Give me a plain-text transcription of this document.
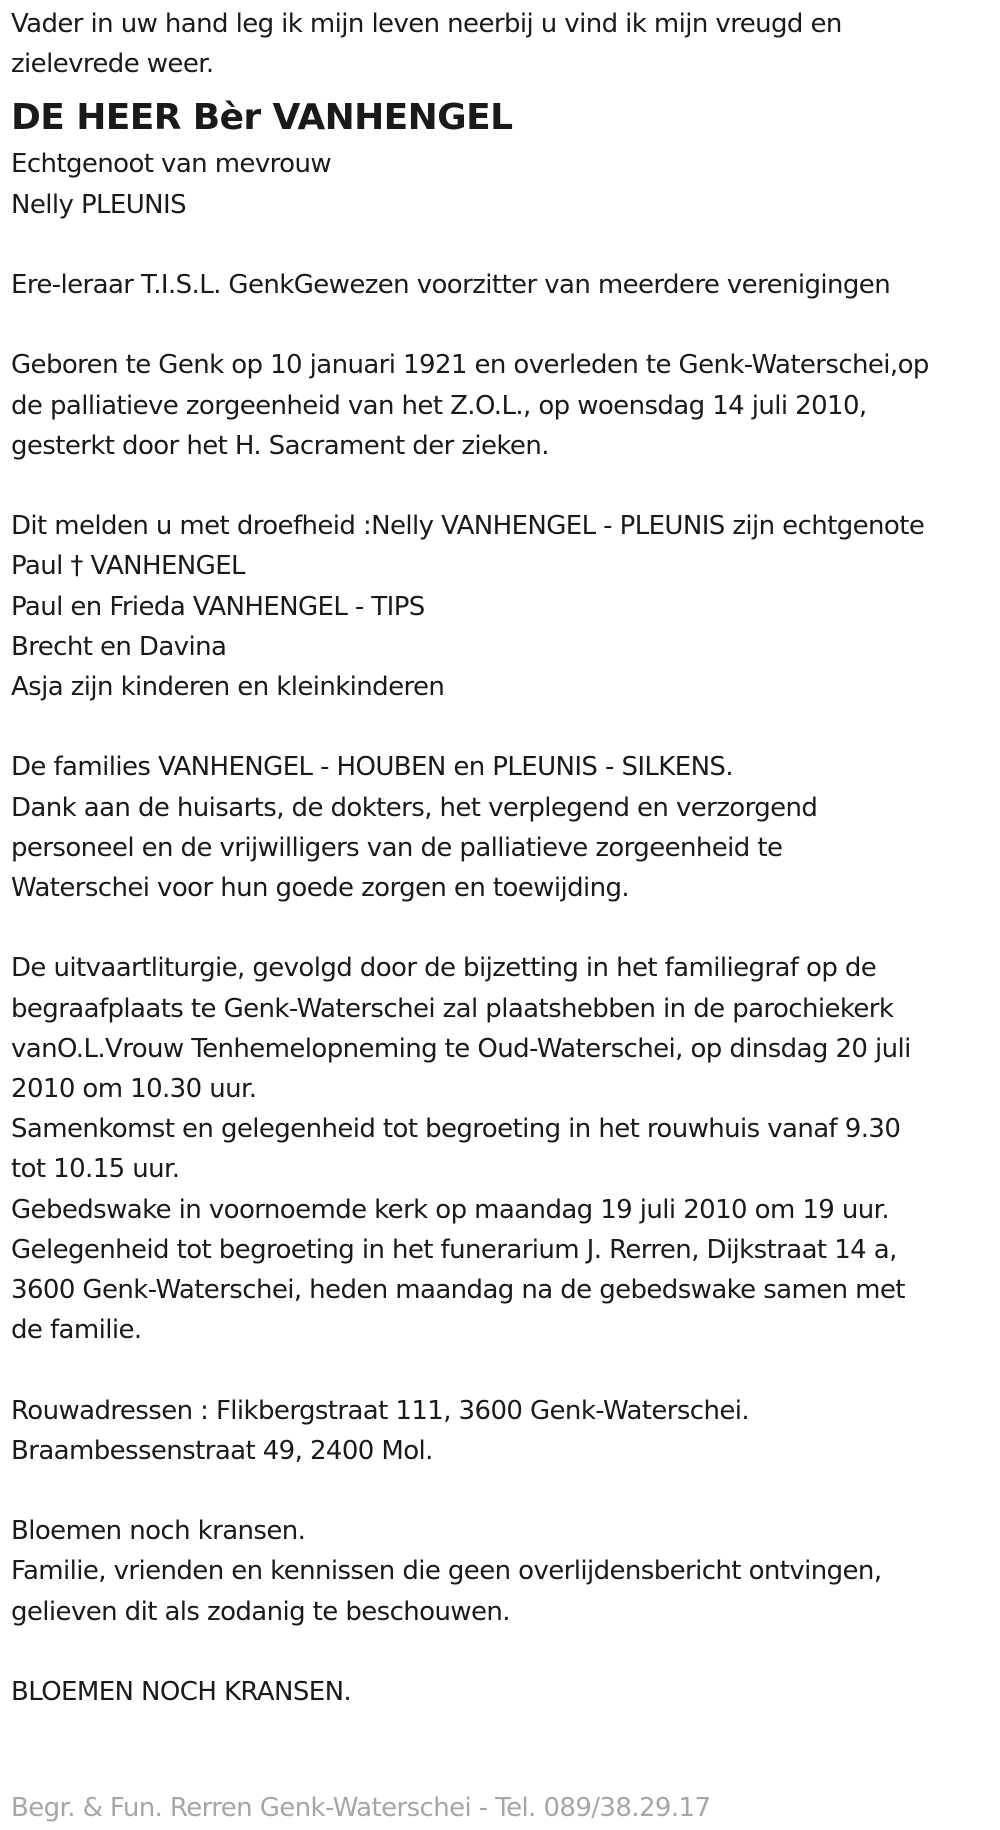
Vader in uw hand leg ik mijn leven neerbij u vind ik mijn vreugd en
zielevrede weer.
DE HEER Bèr VANHENGEL
Echtgenoot van mevrouw
Nelly PLEUNIS
Ere-leraar T.I.S.L. GenkGewezen voorzitter van meerdere verenigingen
Geboren te Genk op 10 januari 1921 en overleden te Genk-Waterschei,op
de palliatieve zorgeenheid van het Z.O.L., op woensdag 14 juli 2010,
gesterkt door het H. Sacrament der zieken.
Dit melden u met droefheid :Nelly VANHENGEL - PLEUNIS zijn echtgenote
Paul † VANHENGEL
Paul en Frieda VANHENGEL - TIPS
Brecht en Davina
Asja zijn kinderen en kleinkinderen
De families VANHENGEL - HOUBEN en PLEUNIS - SILKENS.
Dank aan de huisarts, de dokters, het verplegend en verzorgend
personeel en de vrijwilligers van de palliatieve zorgeenheid te
Waterschei voor hun goede zorgen en toewijding.
De uitvaartliturgie, gevolgd door de bijzetting in het familiegraf op de
begraafplaats te Genk-Waterschei zal plaatshebben in de parochiekerk
vanO.L.Vrouw Tenhemelopneming te Oud-Waterschei, op dinsdag 20 juli
2010 om 10.30 uur.
Samenkomst en gelegenheid tot begroeting in het rouwhuis vanaf 9.30
tot 10.15 uur.
Gebedswake in voornoemde kerk op maandag 19 juli 2010 om 19 uur.
Gelegenheid tot begroeting in het funerarium J. Rerren, Dijkstraat 14 a,
3600 Genk-Waterschei, heden maandag na de gebedswake samen met
de familie.
Rouwadressen : Flikbergstraat 111, 3600 Genk-Waterschei.
Braambessenstraat 49, 2400 Mol.
Bloemen noch kransen.
Familie, vrienden en kennissen die geen overlijdensbericht ontvingen,
gelieven dit als zodanig te beschouwen.
BLOEMEN NOCH KRANSEN.
Begr. & Fun. Rerren Genk-Waterschei - Tel. 089/38.29.17
